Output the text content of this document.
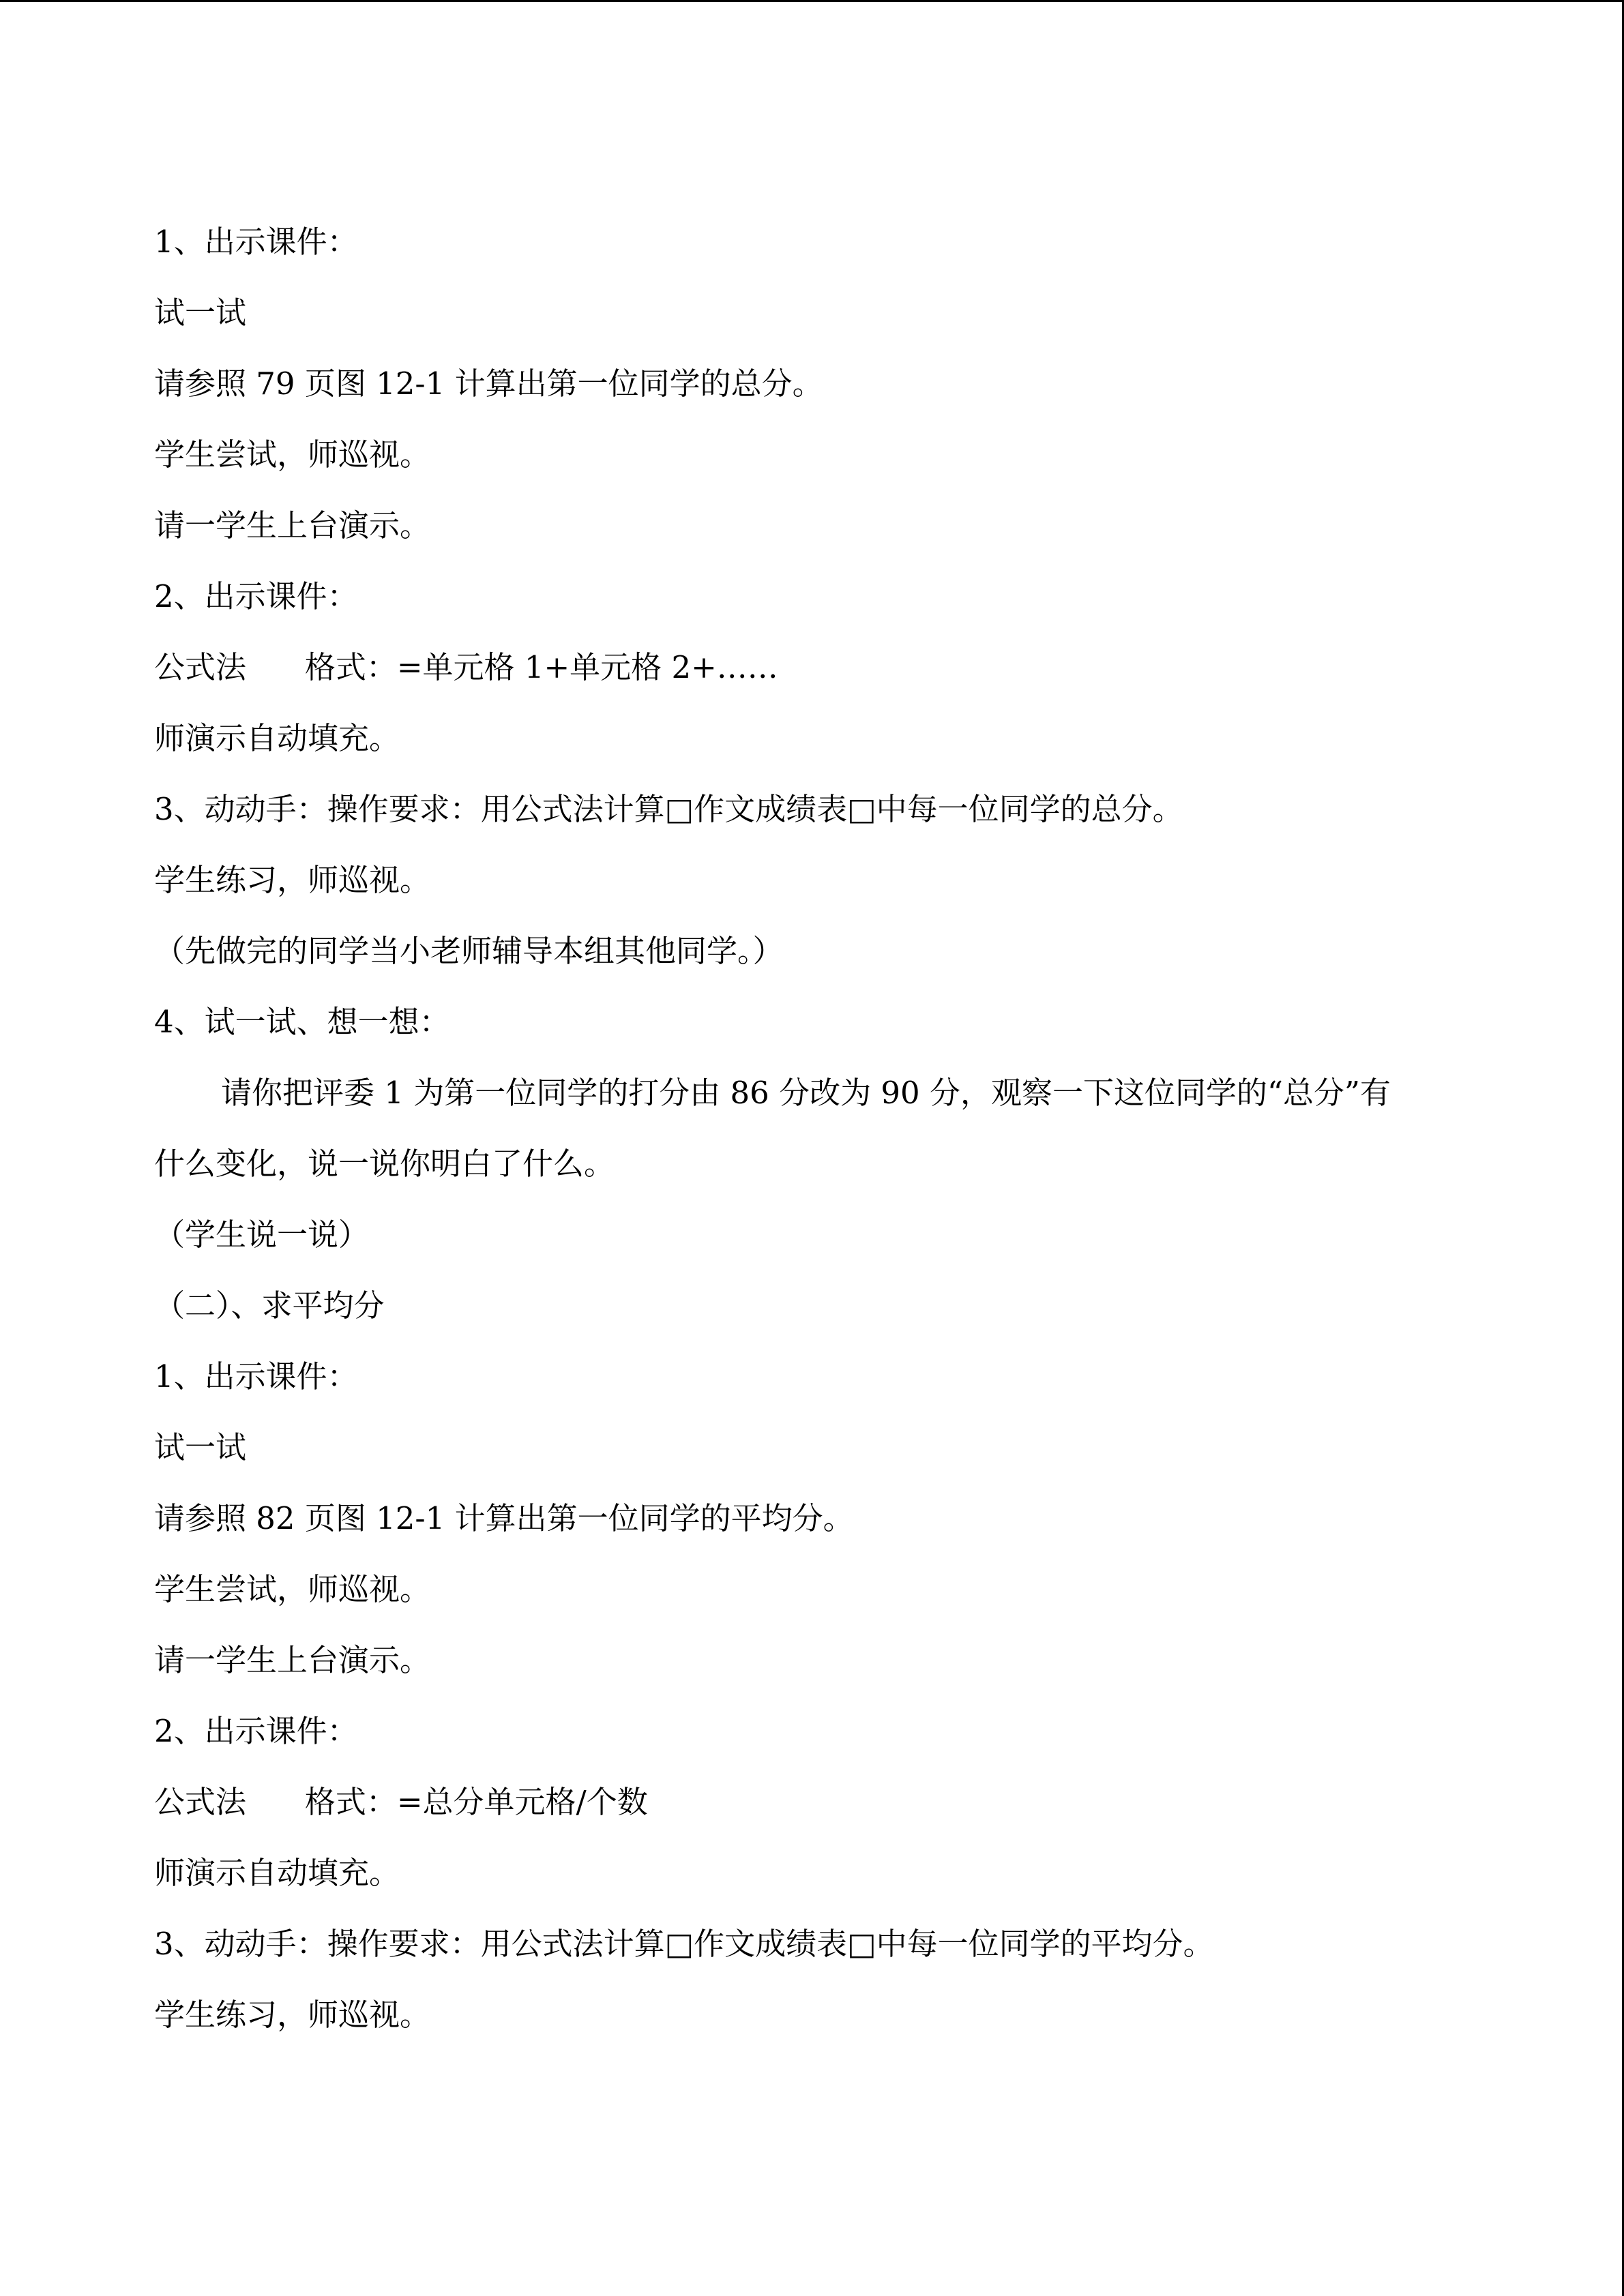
1、出示课件：
试一试
请参照 79 页图 12-1 计算出第一位同学的总分。
学生尝试，师巡视。
请一学生上台演示。
2、出示课件：
公式法      格式：=单元格 1+单元格 2+……
师演示自动填充。
3、动动手：操作要求：用公式法计算□作文成绩表□中每一位同学的总分。
学生练习，师巡视。
（先做完的同学当小老师辅导本组其他同学。）
4、试一试、想一想：
请你把评委 1 为第一位同学的打分由 86 分改为 90 分，观察一下这位同学的“总分”有
什么变化，说一说你明白了什么。
（学生说一说）
（二）、求平均分
1、出示课件：
试一试
请参照 82 页图 12-1 计算出第一位同学的平均分。
学生尝试，师巡视。
请一学生上台演示。
2、出示课件：
公式法      格式：=总分单元格/个数
师演示自动填充。
3、动动手：操作要求：用公式法计算□作文成绩表□中每一位同学的平均分。
学生练习，师巡视。
